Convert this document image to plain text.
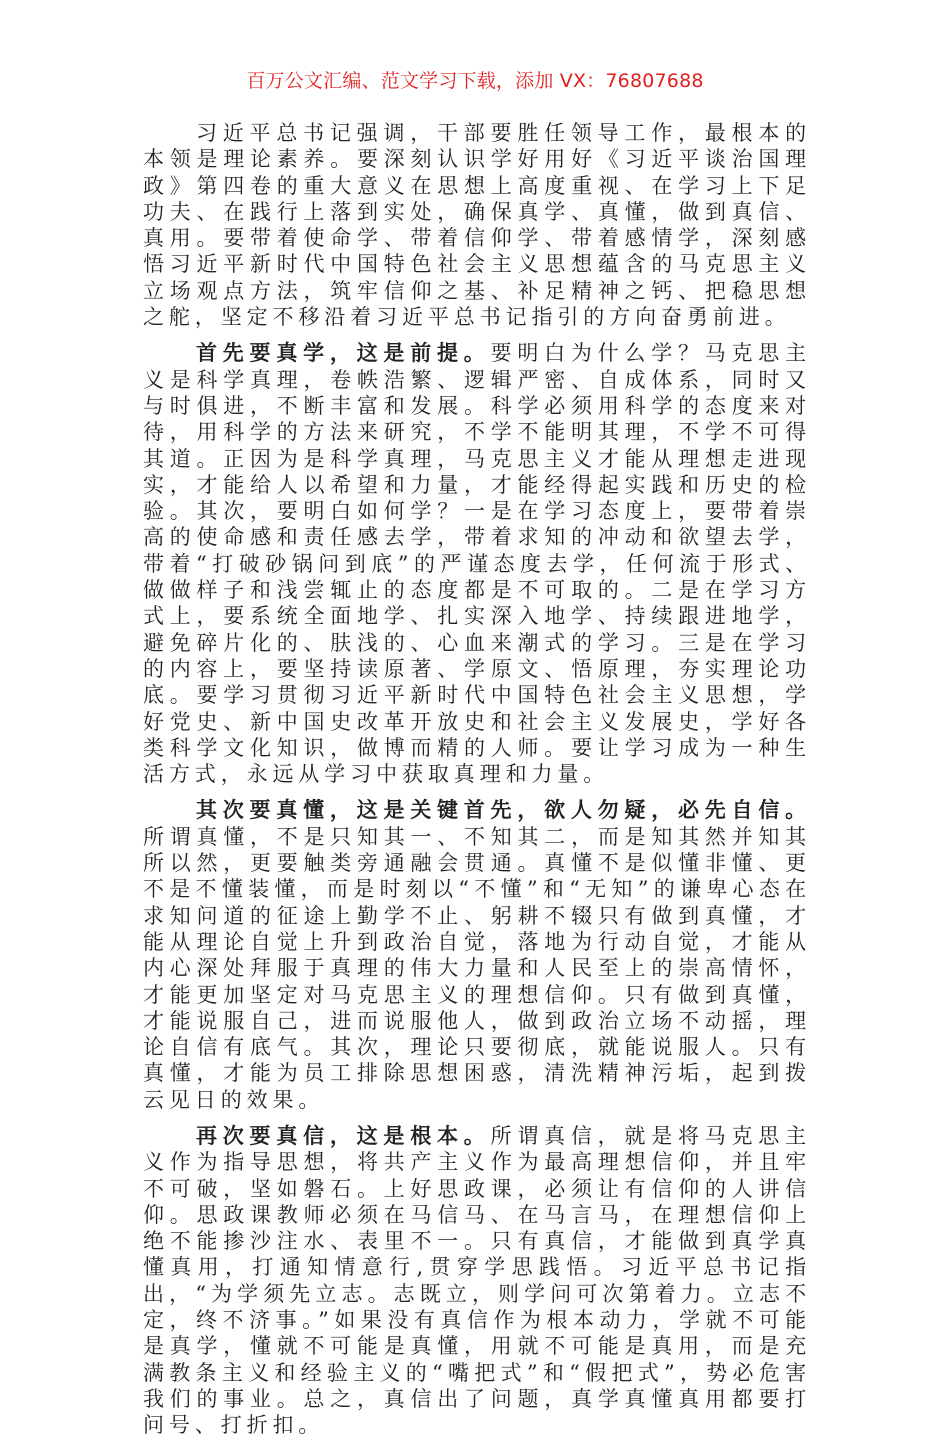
百万公文汇编、范文学习下载，添加 VX：76807688

习近平总书记强调，干部要胜任领导工作，最根本的本领是理论素养。要深刻认识学好用好《习近平谈治国理政》第四卷的重大意义在思想上高度重视、在学习上下足功夫、在践行上落到实处，确保真学、真懂，做到真信、真用。要带着使命学、带着信仰学、带着感情学，深刻感悟习近平新时代中国特色社会主义思想蕴含的马克思主义立场观点方法，筑牢信仰之基、补足精神之钙、把稳思想之舵，坚定不移沿着习近平总书记指引的方向奋勇前进。

首先要真学，这是前提。要明白为什么学？马克思主义是科学真理，卷帙浩繁、逻辑严密、自成体系，同时又与时俱进，不断丰富和发展。科学必须用科学的态度来对待，用科学的方法来研究，不学不能明其理，不学不可得其道。正因为是科学真理，马克思主义才能从理想走进现实，才能给人以希望和力量，才能经得起实践和历史的检验。其次，要明白如何学？一是在学习态度上，要带着崇高的使命感和责任感去学，带着求知的冲动和欲望去学，带着“打破砂锅问到底”的严谨态度去学，任何流于形式、做做样子和浅尝辄止的态度都是不可取的。二是在学习方式上，要系统全面地学、扎实深入地学、持续跟进地学，避免碎片化的、肤浅的、心血来潮式的学习。三是在学习的内容上，要坚持读原著、学原文、悟原理，夯实理论功底。要学习贯彻习近平新时代中国特色社会主义思想，学好党史、新中国史改革开放史和社会主义发展史，学好各类科学文化知识，做博而精的人师。要让学习成为一种生活方式，永远从学习中获取真理和力量。

其次要真懂，这是关键首先，欲人勿疑，必先自信。所谓真懂，不是只知其一、不知其二，而是知其然并知其所以然，更要触类旁通融会贯通。真懂不是似懂非懂、更不是不懂装懂，而是时刻以“不懂”和“无知”的谦卑心态在求知问道的征途上勤学不止、躬耕不辍只有做到真懂，才能从理论自觉上升到政治自觉，落地为行动自觉，才能从内心深处拜服于真理的伟大力量和人民至上的崇高情怀，才能更加坚定对马克思主义的理想信仰。只有做到真懂，才能说服自己，进而说服他人，做到政治立场不动摇，理论自信有底气。其次，理论只要彻底，就能说服人。只有真懂，才能为员工排除思想困惑，清洗精神污垢，起到拨云见日的效果。

再次要真信，这是根本。所谓真信，就是将马克思主义作为指导思想，将共产主义作为最高理想信仰，并且牢不可破，坚如磐石。上好思政课，必须让有信仰的人讲信仰。思政课教师必须在马信马、在马言马，在理想信仰上绝不能掺沙注水、表里不一。只有真信，才能做到真学真懂真用，打通知情意行,贯穿学思践悟。习近平总书记指出，“为学须先立志。志既立，则学问可次第着力。立志不定，终不济事。”如果没有真信作为根本动力，学就不可能是真学，懂就不可能是真懂，用就不可能是真用，而是充满教条主义和经验主义的“嘴把式”和“假把式”，势必危害我们的事业。总之，真信出了问题，真学真懂真用都要打问号、打折扣。
